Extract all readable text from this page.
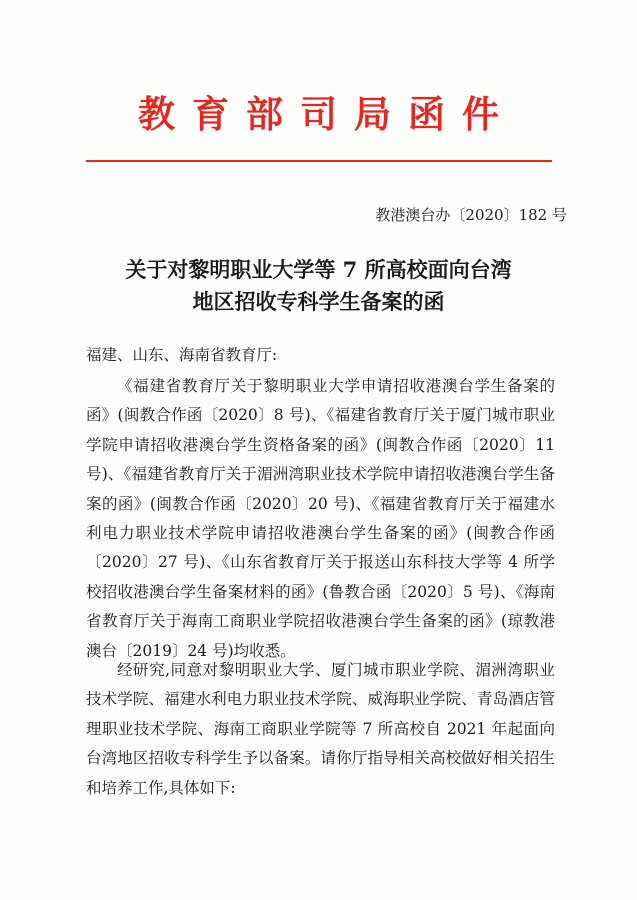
教育部司局函件
教港澳台办〔2020〕182 号
关于对黎明职业大学等 7 所高校面向台湾
地区招收专科学生备案的函
福建、山东、海南省教育厅:

《福建省教育厅关于黎明职业大学申请招收港澳台学生备案的函》(闽教合作函〔2020〕8 号)、《福建省教育厅关于厦门城市职业学院申请招收港澳台学生资格备案的函》(闽教合作函〔2020〕11 号)、《福建省教育厅关于湄洲湾职业技术学院申请招收港澳台学生备案的函》(闽教合作函〔2020〕20 号)、《福建省教育厅关于福建水利电力职业技术学院申请招收港澳台学生备案的函》(闽教合作函〔2020〕27 号)、《山东省教育厅关于报送山东科技大学等 4 所学校招收港澳台学生备案材料的函》(鲁教合函〔2020〕5 号)、《海南省教育厅关于海南工商职业学院招收港澳台学生备案的函》(琼教港澳台〔2019〕24 号)均收悉。

经研究,同意对黎明职业大学、厦门城市职业学院、湄洲湾职业技术学院、福建水利电力职业技术学院、威海职业学院、青岛酒店管理职业技术学院、海南工商职业学院等 7 所高校自 2021 年起面向台湾地区招收专科学生予以备案。请你厅指导相关高校做好相关招生和培养工作,具体如下:
